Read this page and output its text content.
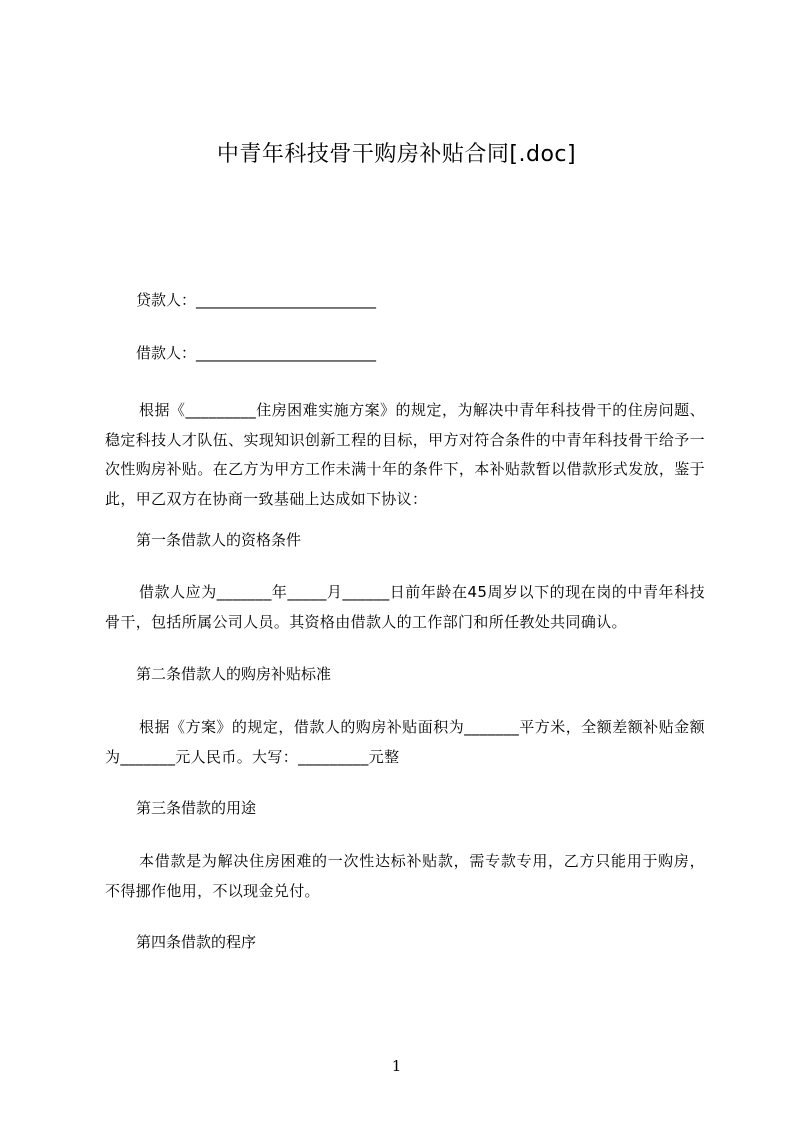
中青年科技骨干购房补贴合同[.doc]
贷款人：________________________
借款人：________________________
根据《_________住房困难实施方案》的规定，为解决中青年科技骨干的住房问题、稳定科技人才队伍、实现知识创新工程的目标，甲方对符合条件的中青年科技骨干给予一次性购房补贴。在乙方为甲方工作未满十年的条件下，本补贴款暂以借款形式发放，鉴于此，甲乙双方在协商一致基础上达成如下协议：
第一条借款人的资格条件
借款人应为_______年_____月______日前年龄在45周岁以下的现在岗的中青年科技骨干，包括所属公司人员。其资格由借款人的工作部门和所任教处共同确认。
第二条借款人的购房补贴标准
根据《方案》的规定，借款人的购房补贴面积为_______平方米，全额差额补贴金额为_______元人民币。大写：_________元整
第三条借款的用途
本借款是为解决住房困难的一次性达标补贴款，需专款专用，乙方只能用于购房，不得挪作他用，不以现金兑付。
第四条借款的程序
1
